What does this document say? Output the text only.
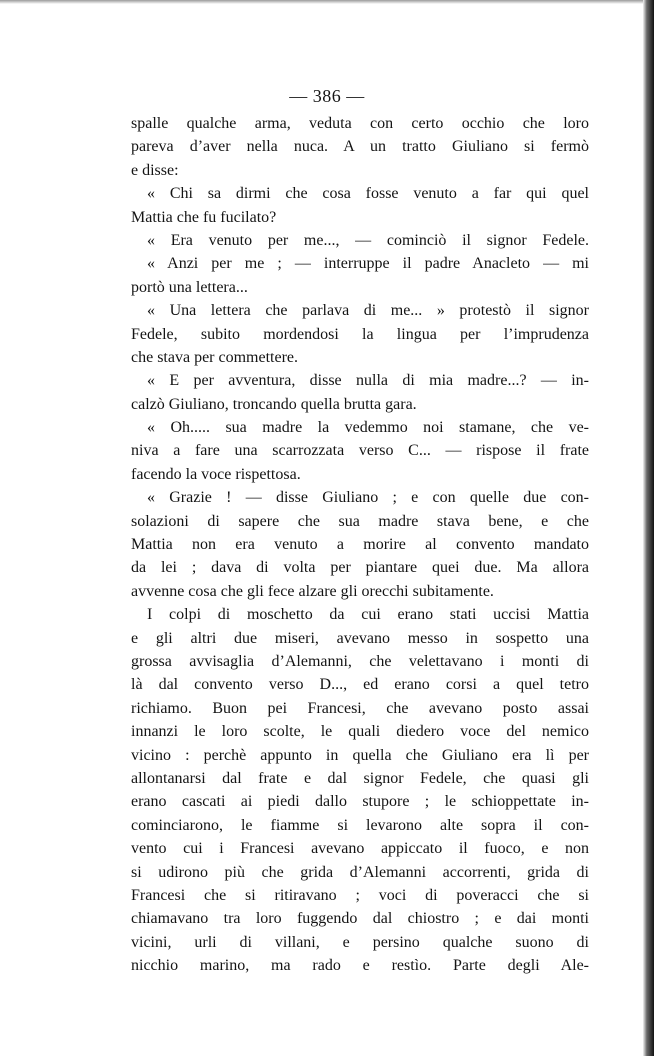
— 386 —
spalle qualche arma, veduta con certo occhio che loro
pareva d’aver nella nuca. A un tratto Giuliano si fermò
e disse:
« Chi sa dirmi che cosa fosse venuto a far qui quel
Mattia che fu fucilato?
« Era venuto per me..., — cominciò il signor Fedele.
« Anzi per me ; — interruppe il padre Anacleto — mi
portò una lettera...
« Una lettera che parlava di me... » protestò il signor
Fedele, subito mordendosi la lingua per l’imprudenza
che stava per commettere.
« E per avventura, disse nulla di mia madre...? — in-
calzò Giuliano, troncando quella brutta gara.
« Oh..... sua madre la vedemmo noi stamane, che ve-
niva a fare una scarrozzata verso C... — rispose il frate
facendo la voce rispettosa.
« Grazie ! — disse Giuliano ; e con quelle due con-
solazioni di sapere che sua madre stava bene, e che
Mattia non era venuto a morire al convento mandato
da lei ; dava di volta per piantare quei due. Ma allora
avvenne cosa che gli fece alzare gli orecchi subitamente.
I colpi di moschetto da cui erano stati uccisi Mattia
e gli altri due miseri, avevano messo in sospetto una
grossa avvisaglia d’Alemanni, che velettavano i monti di
là dal convento verso D..., ed erano corsi a quel tetro
richiamo. Buon pei Francesi, che avevano posto assai
innanzi le loro scolte, le quali diedero voce del nemico
vicino : perchè appunto in quella che Giuliano era lì per
allontanarsi dal frate e dal signor Fedele, che quasi gli
erano cascati ai piedi dallo stupore ; le schioppettate in-
cominciarono, le fiamme si levarono alte sopra il con-
vento cui i Francesi avevano appiccato il fuoco, e non
si udirono più che grida d’Alemanni accorrenti, grida di
Francesi che si ritiravano ; voci di poveracci che si
chiamavano tra loro fuggendo dal chiostro ; e dai monti
vicini, urli di villani, e persino qualche suono di
nicchio marino, ma rado e restìo. Parte degli Ale-
